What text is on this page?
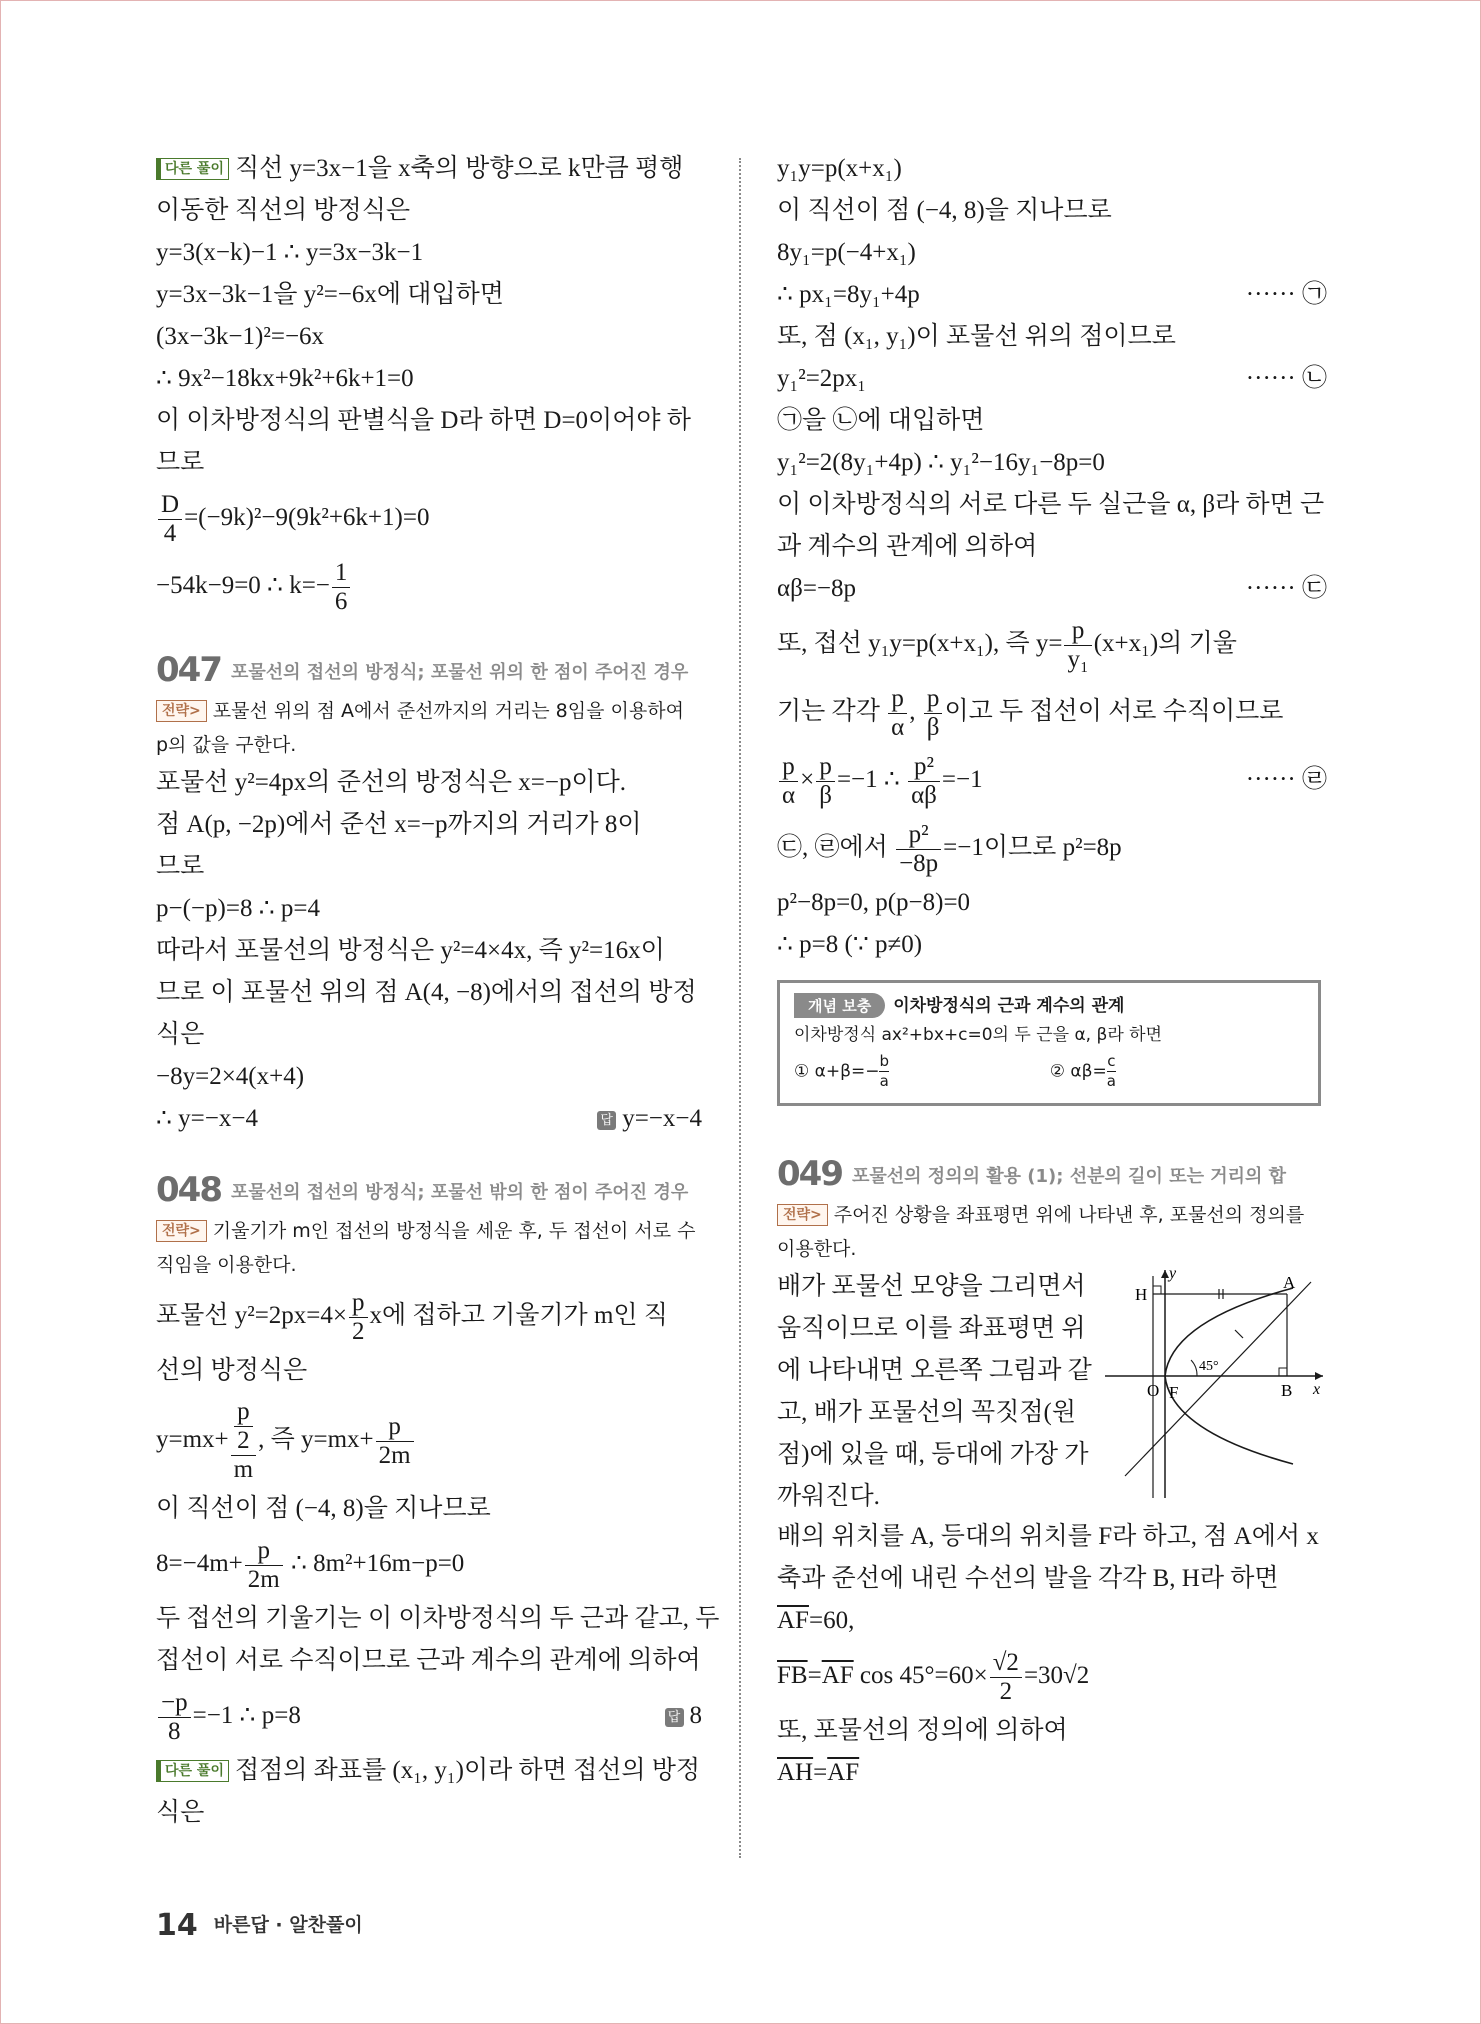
다른 풀이 직선 y=3x−1을 x축의 방향으로 k만큼 평행
이동한 직선의 방정식은
y=3(x−k)−1 ∴ y=3x−3k−1
y=3x−3k−1을 y²=−6x에 대입하면
(3x−3k−1)²=−6x
∴ 9x²−18kx+9k²+6k+1=0
이 이차방정식의 판별식을 D라 하면 D=0이어야 하
므로
$\frac{D}{4} =(-9k)^2-9(9k^2+6k+1)=0$
−54k−9=0 ∴ $k=- \frac{1}{6}$
047 포물선의 접선의 방정식; 포물선 위의 한 점이 주어진 경우
전략> 포물선 위의 점 A에서 준선까지의 거리는 8임을 이용하여 p의 값을 구한다.
포물선 y²=4px의 준선의 방정식은 x=−p이다.
점 A(p, −2p)에서 준선 x=−p까지의 거리가 8이
므로
p−(−p)=8 ∴ p=4
따라서 포물선의 방정식은 y²=4×4x, 즉 y²=16x이
므로 이 포물선 위의 점 A(4, −8)에서의 접선의 방정
식은
−8y=2×4(x+4)
∴ y=−x−4	답 y=−x−4
048 포물선의 접선의 방정식; 포물선 밖의 한 점이 주어진 경우
전략> 기울기가 m인 접선의 방정식을 세운 후, 두 접선이 서로 수직임을 이용한다.
포물선 $y^2=2px=4\times \frac{p}{2}$ x에 접하고 기울기가 m인 직
선의 방정식은
$y=mx+ \frac{\frac{p}{2}}{m}$ , 즉 $y=mx+ \frac{p}{2m}$
이 직선이 점 (−4, 8)을 지나므로
$8=-4m+ \frac{p}{2m}$ ∴ 8m²+16m−p=0
두 접선의 기울기는 이 이차방정식의 두 근과 같고, 두
접선이 서로 수직이므로 근과 계수의 관계에 의하여
$\frac{-p}{8} =-1$ ∴ p=8	답 8
다른 풀이 접점의 좌표를 (x₁, y₁)이라 하면 접선의 방정
식은
y₁y=p(x+x₁)
이 직선이 점 (−4, 8)을 지나므로
8y₁=p(−4+x₁)
∴ px₁=8y₁+4p	······ ㉠
또, 점 (x₁, y₁)이 포물선 위의 점이므로
y₁²=2px₁	······ ㉡
㉠을 ㉡에 대입하면
y₁²=2(8y₁+4p) ∴ y₁²−16y₁−8p=0
이 이차방정식의 서로 다른 두 실근을 α, β라 하면 근
과 계수의 관계에 의하여
αβ=−8p	······ ㉢
또, 접선 y₁y=p(x+x₁), 즉 $y= \frac{p}{\text{y₁}} (x+x_1)$의 기울
기는 각각 $\frac{p}{\alpha}$ , $\frac{p}{\beta}$ 이고 두 접선이 서로 수직이므로
$\frac{p}{\alpha} \times \frac{p}{\beta} =-1$ ∴ $\frac{\text{p²}}{\alpha\beta} =-1$	······ ㉣
㉢, ㉣에서 $\frac{\text{p²}}{-8p} =-1$이므로 p²=8p
p²−8p=0, p(p−8)=0
∴ p=8 (∵ p≠0)
개념 보충 이차방정식의 근과 계수의 관계
이차방정식 ax²+bx+c=0의 두 근을 α, β라 하면
① $\alpha+\beta=- \frac{b}{a}$	② $\alpha\beta= \frac{c}{a}$
049 포물선의 정의의 활용 (1); 선분의 길이 또는 거리의 합
전략> 주어진 상황을 좌표평면 위에 나타낸 후, 포물선의 정의를 이용한다.
배가 포물선 모양을 그리면서
움직이므로 이를 좌표평면 위
에 나타내면 오른쪽 그림과 같
고, 배가 포물선의 꼭짓점(원
점)에 있을 때, 등대에 가장 가
까워진다.
y
x
A
H
O F	B
45°
배의 위치를 A, 등대의 위치를 F라 하고, 점 A에서 x
축과 준선에 내린 수선의 발을 각각 B, H라 하면
$\overline{AF}=60$,
$\overline{FB}=\overline{AF}$ $\cos 45^\circ=60\times \frac{√2}{2} =30√2$
또, 포물선의 정의에 의하여
$\overline{AH}=\overline{AF}$
14 바른답 · 알찬풀이
